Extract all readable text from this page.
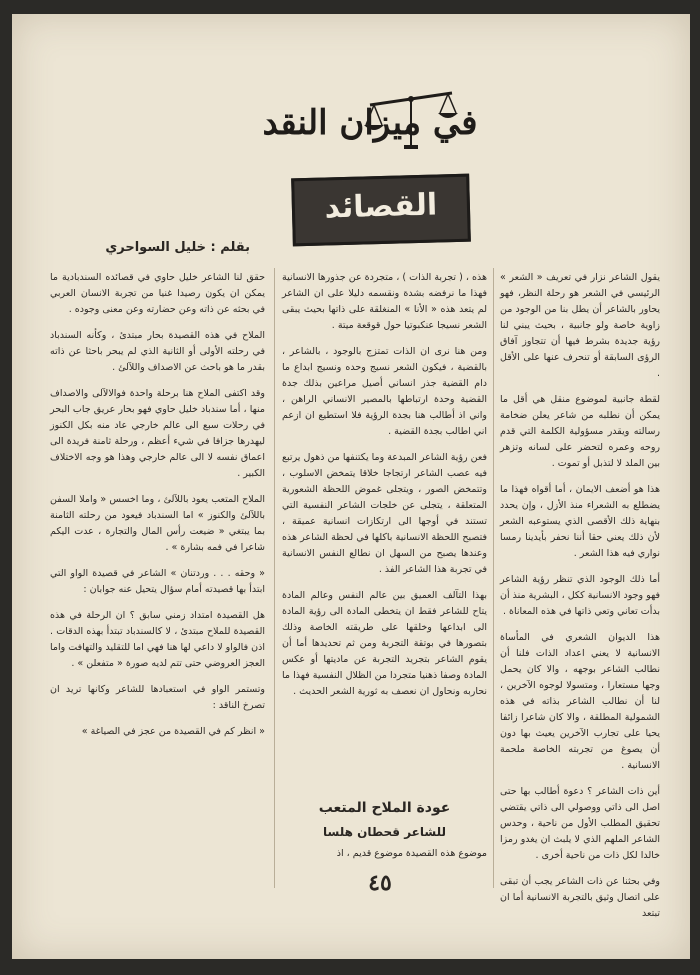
في ميزان النقد
القصائد
بقلم : خليل السواحري

يقول الشاعر نزار في تعريف « الشعر » الرئيسي في الشعر هو رحلة النظر، فهو يحاور بالشاعر أن يطل بنا من الوجود من زاوية خاصة ولو جانبية ، بحيث يبني لنا رؤية جديدة بشرط فيها أن تتجاوز آفاق الرؤى السابقة أو تنحرف عنها على الأقل .

لقطة جانبية لموضوع منقل هي أقل ما يمكن أن نطلبه من شاعر يعلن ضخامة رسالته ويقدر مسؤولية الكلمة التي قدم روحه وعمره لتحضر على لسانه وتزهر بين الملد لا لتذبل أو تموت .

هذا هو أضعف الايمان ، أما أقواه فهذا ما يضطلع به الشعراء منذ الأزل ، وإن يحدد بنهاية ذلك الأقصى الذي يستوعبه الشعر لأن ذلك يعني حقا أننا نحفر بأيدينا رمسا نواري فيه هذا الشعر .

أما ذلك الوجود الذي تنظر رؤية الشاعر فهو وجود الانسانية ككل ، البشرية منذ أن بدأت تعاني وتعي ذاتها في هذه المعاناة .

هذا الديوان الشعري في المأساة الانسانية لا يعني اعداد الذات فلنا أن نطالب الشاعر بوجهه ، والا كان يحمل وجها مستعارا ، ومتسولا لوجوه الآخرين ، لنا أن نطالب الشاعر بذاته في هذه الشمولية المطلقة ، والا كان شاعرا زائفا يحيا على تجارب الآخرين يعيث بها دون أن يصوغ من تجربته الخاصة ملحمة الانسانية .

أين ذات الشاعر ؟ دعوة أطالب بها حتى اصل الى ذاتي ووصولي الى ذاتي يقتضي تحقيق المطلب الأول من ناحية ، وحدس الشاعر الملهم الذي لا يلبث ان يغدو رمزا خالدا لكل ذات من ناحية أخرى .

وفي بحثنا عن ذات الشاعر يجب أن تبقى على اتصال وثيق بالتجربة الانسانية أما ان تبتعد

هذه ، ( تجربة الذات ) ، متجردة عن جذورها الانسانية فهذا ما نرفضه بشدة ونقسمه دليلا على ان الشاعر لم يتعد هذه « الأنا » المنغلقة على ذاتها بحيث يبقى الشعر نسيجا عنكبوتيا حول قوقعة ميتة .

ومن هنا نرى ان الذات تمتزج بالوجود ، بالشاعر ، بالقضية ، فيكون الشعر نسيج وحده ونسيج ابداع ما دام القضية جذر انساني أصيل مراعين بذلك جدة القضية وحدة ارتباطها بالمصير الانساني الراهن ، واني اذ أطالب هنا بجدة الرؤية فلا استطيع ان ازعم اني اطالب بجدة القضية .

فعن رؤية الشاعر المبدعة وما يكتنفها من ذهول يرتبع فيه عصب الشاعر ارتجاجا خلاقا يتمخض الاسلوب ، وتتمخض الصور ، ويتجلى غموض اللحظة الشعورية المتعلقة ، يتجلى عن خلجات الشاعر النفسية التي تستند في أوجها الى ارتكازات انسانية عميقة ، فتصبح اللحظة الانسانية باكلها في لحظة الشاعر هذه وعندها يصبح من السهل ان نطالع النفس الانسانية في تجربة هذا الشاعر الفذ .

بهذا التآلف العميق بين عالم النفس وعالم المادة يتاح للشاعر فقط ان يتخطى المادة الى رؤية المادة الى ابداعها وخلقها على طريقته الخاصة وذلك بتصورها في بوتقة التجربة ومن ثم تحديدها أما أن يقوم الشاعر بتجريد التجربة عن ماديتها أو عكس المادة وصفا ذهنيا متجردا من الظلال النفسية فهذا ما نحاربه ونحاول ان نعصف به ثورية الشعر الحديث .

حقق لنا الشاعر خليل حاوي في قصائده السندبادية ما يمكن ان يكون رصيدا غنيا من تجربة الانسان العربي في بحثه عن ذاته وعن حضارته وعن معنى وجوده .

الملاح في هذه القصيدة بحار مبتدئ ، وكأنه السندباد في رحلته الأولى أو الثانية الذي لم يبحر باحثا عن ذاته بقدر ما هو باحث عن الاصداف واللآلئ .

وقد اكتفى الملاح هنا برحلة واحدة فوالالآلى والاصداف منها ، أما سندباد خليل حاوي فهو بحار عريق جاب البحر في رحلات سبع الى عالم خارجي عاد منه بكل الكنوز ليهدرها جزافا في شيء أعظم ، ورحلة ثامنة فريدة الى اعماق نفسه لا الى عالم خارجي وهذا هو وجه الاختلاف الكبير .

الملاح المتعب يعود باللآلئ ، وما اخسس « واملا السفن باللآلئ والكنوز » اما السندباد فيعود من رحلته الثامنة بما يبتغي « ضيعت رأس المال والتجارة ، عدت اليكم شاعرا في فمه بشارة » .

« وحقه . . . وردتنان » الشاعر في قصيدة الواو التي ابتدأ بها قصيدته أمام سؤال يتحيل عنه جوابان :

هل القصيدة امتداد زمني سابق ؟ ان الرحلة في هذه القصيدة للملاح مبتدئ ، لا كالسندباد تبتدأ بهذه الدقات . اذن فالواو لا داعي لها هنا فهي اما للتقليد والتهافت واما العجز العروضي حتى تتم لديه صورة « متفعلن » .

وتستمر الواو في استعبادها للشاعر وكانها تريد ان تصرخ الناقد :

« انظر كم في القصيدة من عجز في الصياغة »

عودة الملاح المتعب
للشاعر قحطان هلسا
موضوع هذه القصيدة موضوع قديم ، اذ
٤٥
